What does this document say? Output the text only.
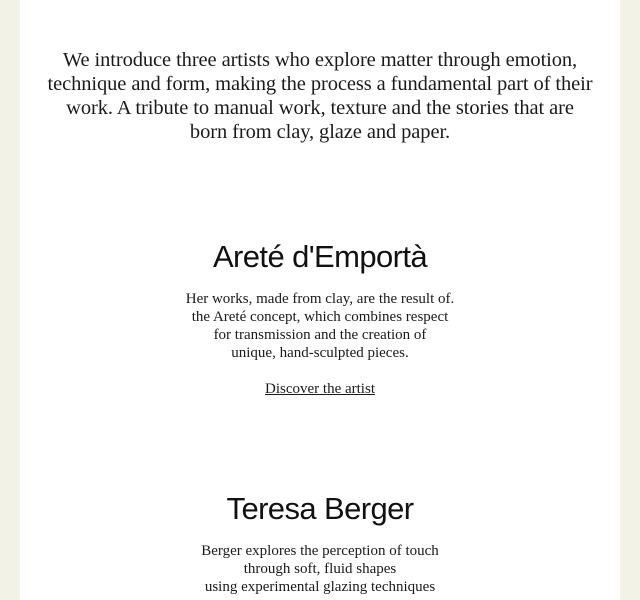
We introduce three artists who explore matter through emotion, technique and form, making the process a fundamental part of their work. A tribute to manual work, texture and the stories that are born from clay, glaze and paper.

Areté d'Emportà

Her works, made from clay, are the result of.
the Areté concept, which combines respect
for transmission and the creation of
unique, hand-sculpted pieces.

Discover the artist
Teresa Berger

Berger explores the perception of touch
through soft, fluid shapes
using experimental glazing techniques
